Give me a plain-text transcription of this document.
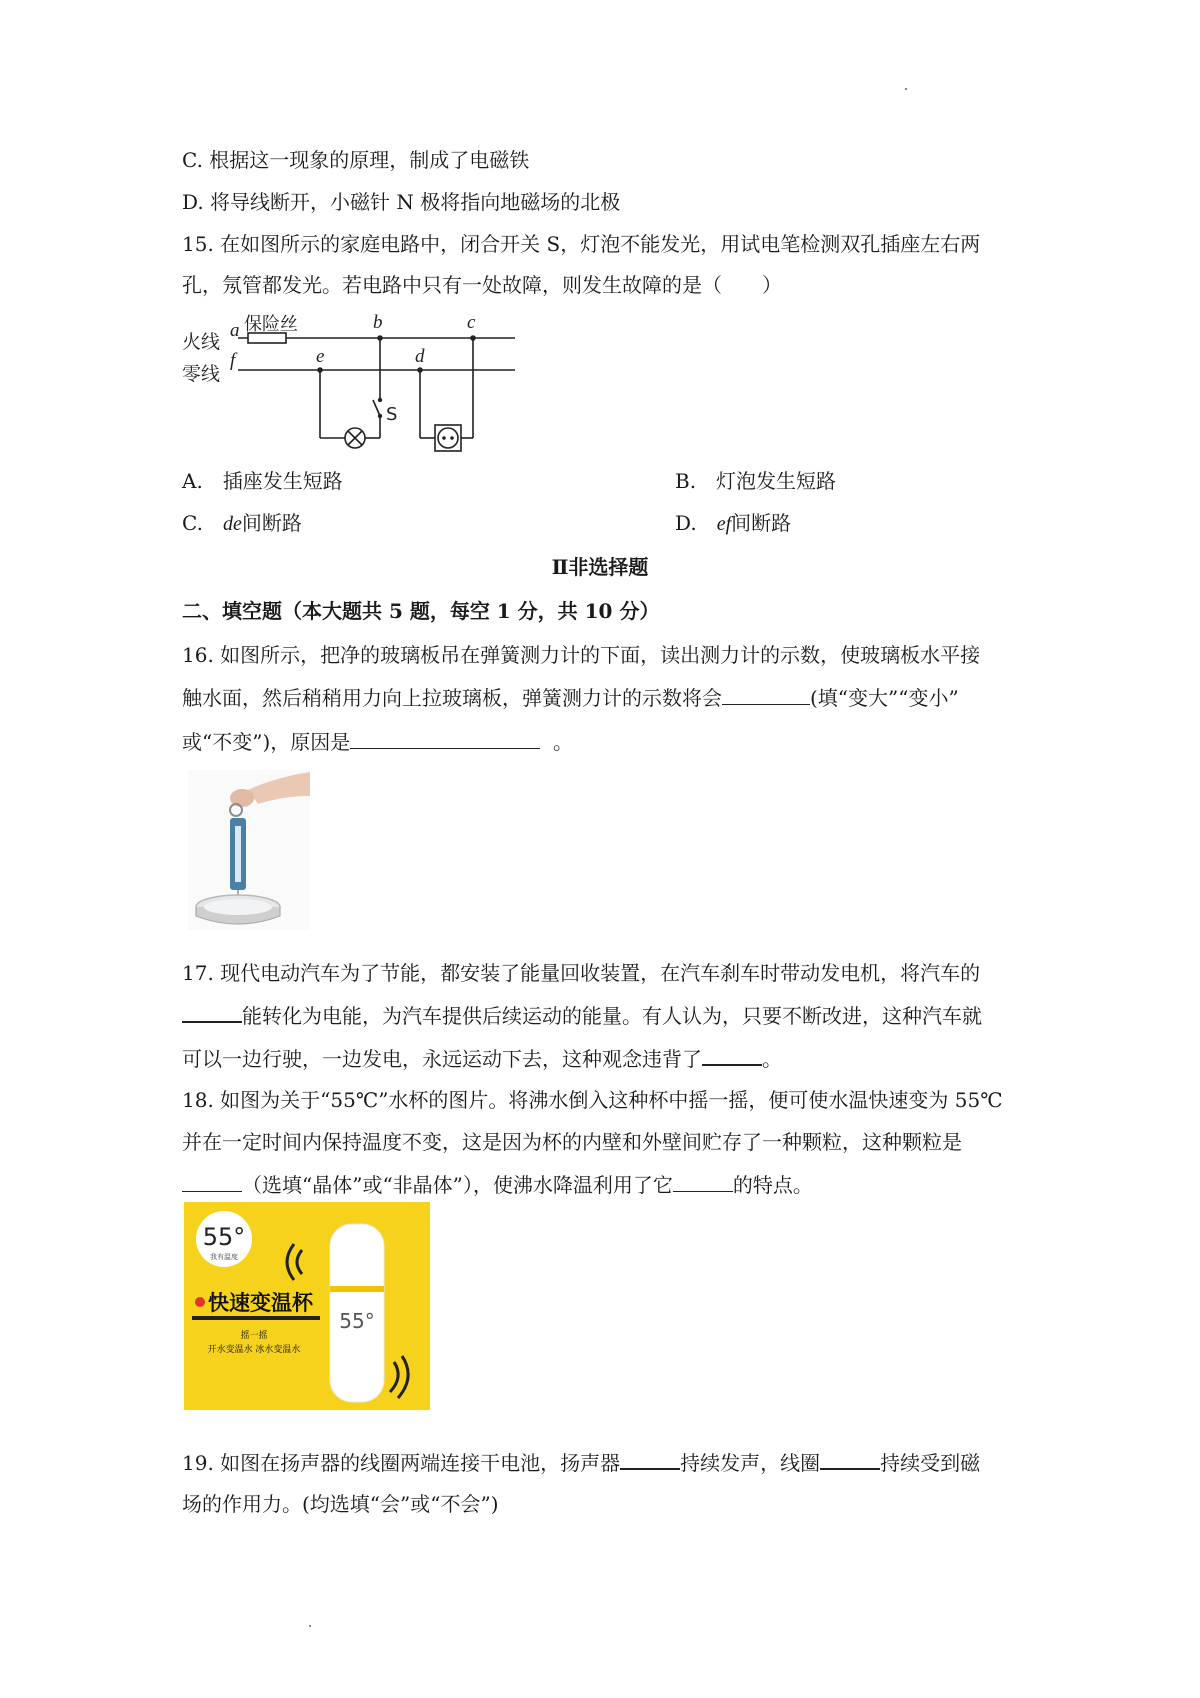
C. 根据这一现象的原理，制成了电磁铁
D. 将导线断开，小磁针 N 极将指向地磁场的北极
15. 在如图所示的家庭电路中，闭合开关 S，灯泡不能发光，用试电笔检测双孔插座左右两
孔，氖管都发光。若电路中只有一处故障，则发生故障的是（　　）
火线
零线
保险丝
S
a	b	c
d
e
f
A.　插座发生短路	B.　灯泡发生短路
C.　 de间断路	D.　 ef间断路
Ⅱ非选择题
二、填空题（本大题共 5 题，每空 1 分，共 10 分）
16. 如图所示，把净的玻璃板吊在弹簧测力计的下面，读出测力计的示数，使玻璃板水平接
触水面，然后稍稍用力向上拉玻璃板，弹簧测力计的示数将会	(填“变大”“变小”
或“不变”)，原因是	。
17. 现代电动汽车为了节能，都安装了能量回收装置，在汽车刹车时带动发电机，将汽车的
能转化为电能，为汽车提供后续运动的能量。有人认为，只要不断改进，这种汽车就
可以一边行驶，一边发电，永远运动下去，这种观念违背了	。
18. 如图为关于“55℃”水杯的图片。将沸水倒入这种杯中摇一摇，便可使水温快速变为 55℃
并在一定时间内保持温度不变，这是因为杯的内壁和外壁间贮存了一种颗粒，这种颗粒是
（选填“晶体”或“非晶体”），使沸水降温利用了它	的特点。
55°
我有温度
55°
快速变温杯
摇一摇
开水变温水 冰水变温水
19. 如图在扬声器的线圈两端连接干电池，扬声器	持续发声，线圈	持续受到磁
场的作用力。(均选填“会”或“不会”)
